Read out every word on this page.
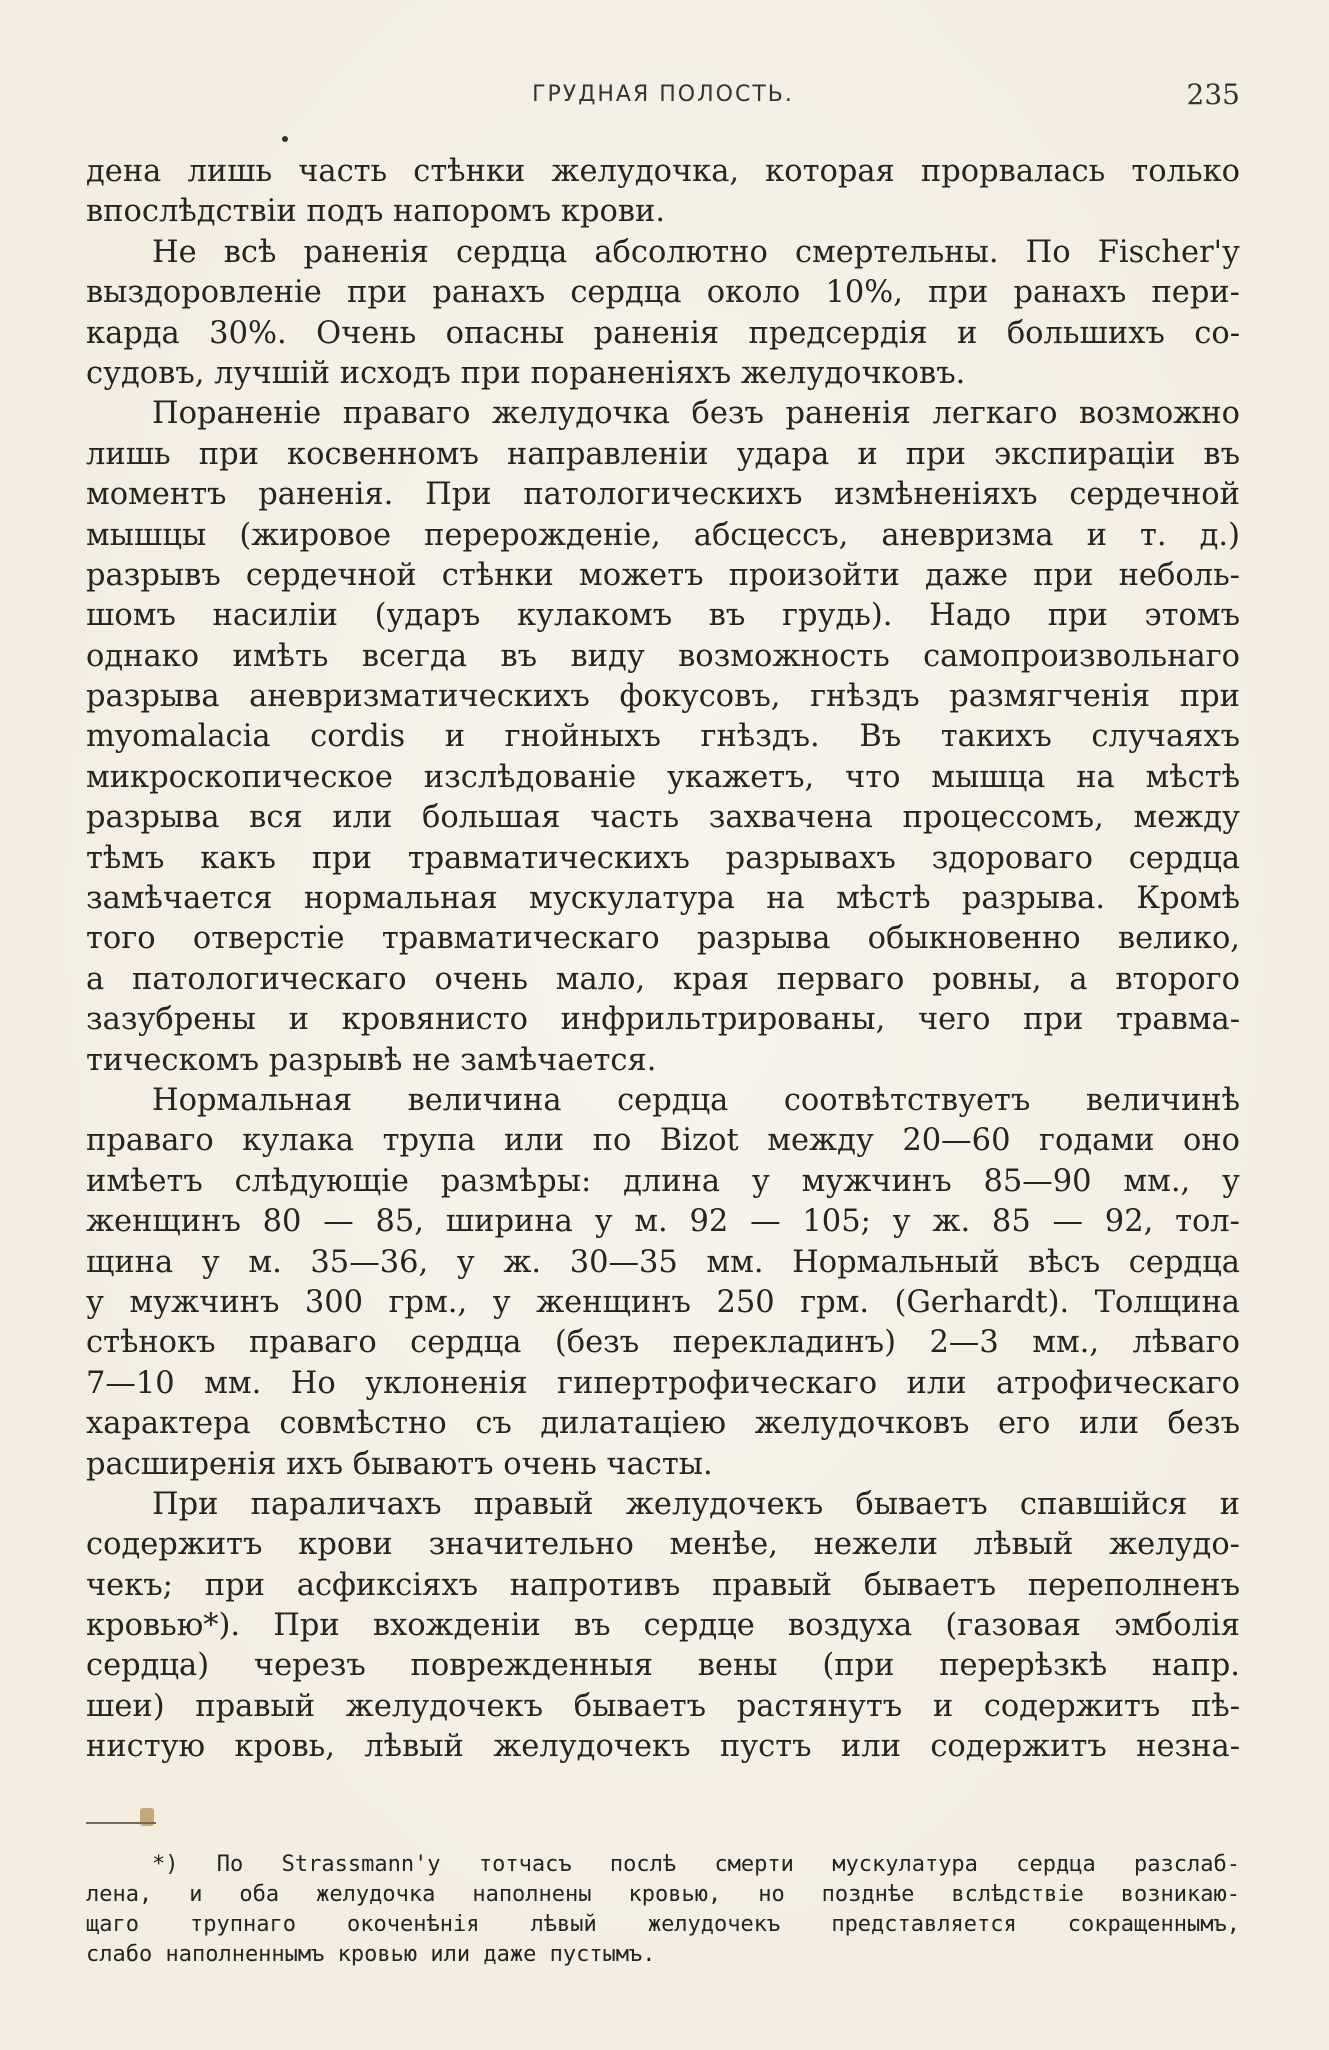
ГРУДНАЯ ПОЛОСТЬ.	235
дена лишь часть стѣнки желудочка, которая прорвалась только
впослѣдствіи подъ напоромъ крови.
Не всѣ раненія сердца абсолютно смертельны. По Fischer'у
выздоровленіе при ранахъ сердца около 10%, при ранахъ пери-
карда 30%. Очень опасны раненія предсердія и большихъ со-
судовъ, лучшій исходъ при пораненіяхъ желудочковъ.
Пораненіе праваго желудочка безъ раненія легкаго возможно
лишь при косвенномъ направленіи удара и при экспираціи въ
моментъ раненія. При патологическихъ измѣненіяхъ сердечной
мышцы (жировое перерожденіе, абсцессъ, аневризма и т. д.)
разрывъ сердечной стѣнки можетъ произойти даже при неболь-
шомъ насиліи (ударъ кулакомъ въ грудь). Надо при этомъ
однако имѣть всегда въ виду возможность самопроизвольнаго
разрыва аневризматическихъ фокусовъ, гнѣздъ размягченія при
myomalacia cordis и гнойныхъ гнѣздъ. Въ такихъ случаяхъ
микроскопическое изслѣдованіе укажетъ, что мышца на мѣстѣ
разрыва вся или большая часть захвачена процессомъ, между
тѣмъ какъ при травматическихъ разрывахъ здороваго сердца
замѣчается нормальная мускулатура на мѣстѣ разрыва. Кромѣ
того отверстіе травматическаго разрыва обыкновенно велико,
а патологическаго очень мало, края перваго ровны, а второго
зазубрены и кровянисто инфрильтрированы, чего при травма-
тическомъ разрывѣ не замѣчается.
Нормальная величина сердца соотвѣтствуетъ величинѣ
праваго кулака трупа или по Bizot между 20—60 годами оно
имѣетъ слѣдующіе размѣры: длина у мужчинъ 85—90 мм., у
женщинъ 80 — 85, ширина у м. 92 — 105; у ж. 85 — 92, тол-
щина у м. 35—36, у ж. 30—35 мм. Нормальный вѣсъ сердца
у мужчинъ 300 грм., у женщинъ 250 грм. (Gerhardt). Толщина
стѣнокъ праваго сердца (безъ перекладинъ) 2—3 мм., лѣваго
7—10 мм. Но уклоненія гипертрофическаго или атрофическаго
характера совмѣстно съ дилатаціею желудочковъ его или безъ
расширенія ихъ бываютъ очень часты.
При параличахъ правый желудочекъ бываетъ спавшійся и
содержитъ крови значительно менѣе, нежели лѣвый желудо-
чекъ; при асфиксіяхъ напротивъ правый бываетъ переполненъ
кровью*). При вхожденіи въ сердце воздуха (газовая эмболія
сердца) черезъ поврежденныя вены (при перерѣзкѣ напр.
шеи) правый желудочекъ бываетъ растянутъ и содержитъ пѣ-
нистую кровь, лѣвый желудочекъ пустъ или содержитъ незна-
*) По Strassmann'у тотчасъ послѣ смерти мускулатура сердца разслаб-
лена, и оба желудочка наполнены кровью, но позднѣе вслѣдствіе возникаю-
щаго трупнаго окоченѣнія лѣвый желудочекъ представляется сокращеннымъ,
слабо наполненнымъ кровью или даже пустымъ.
